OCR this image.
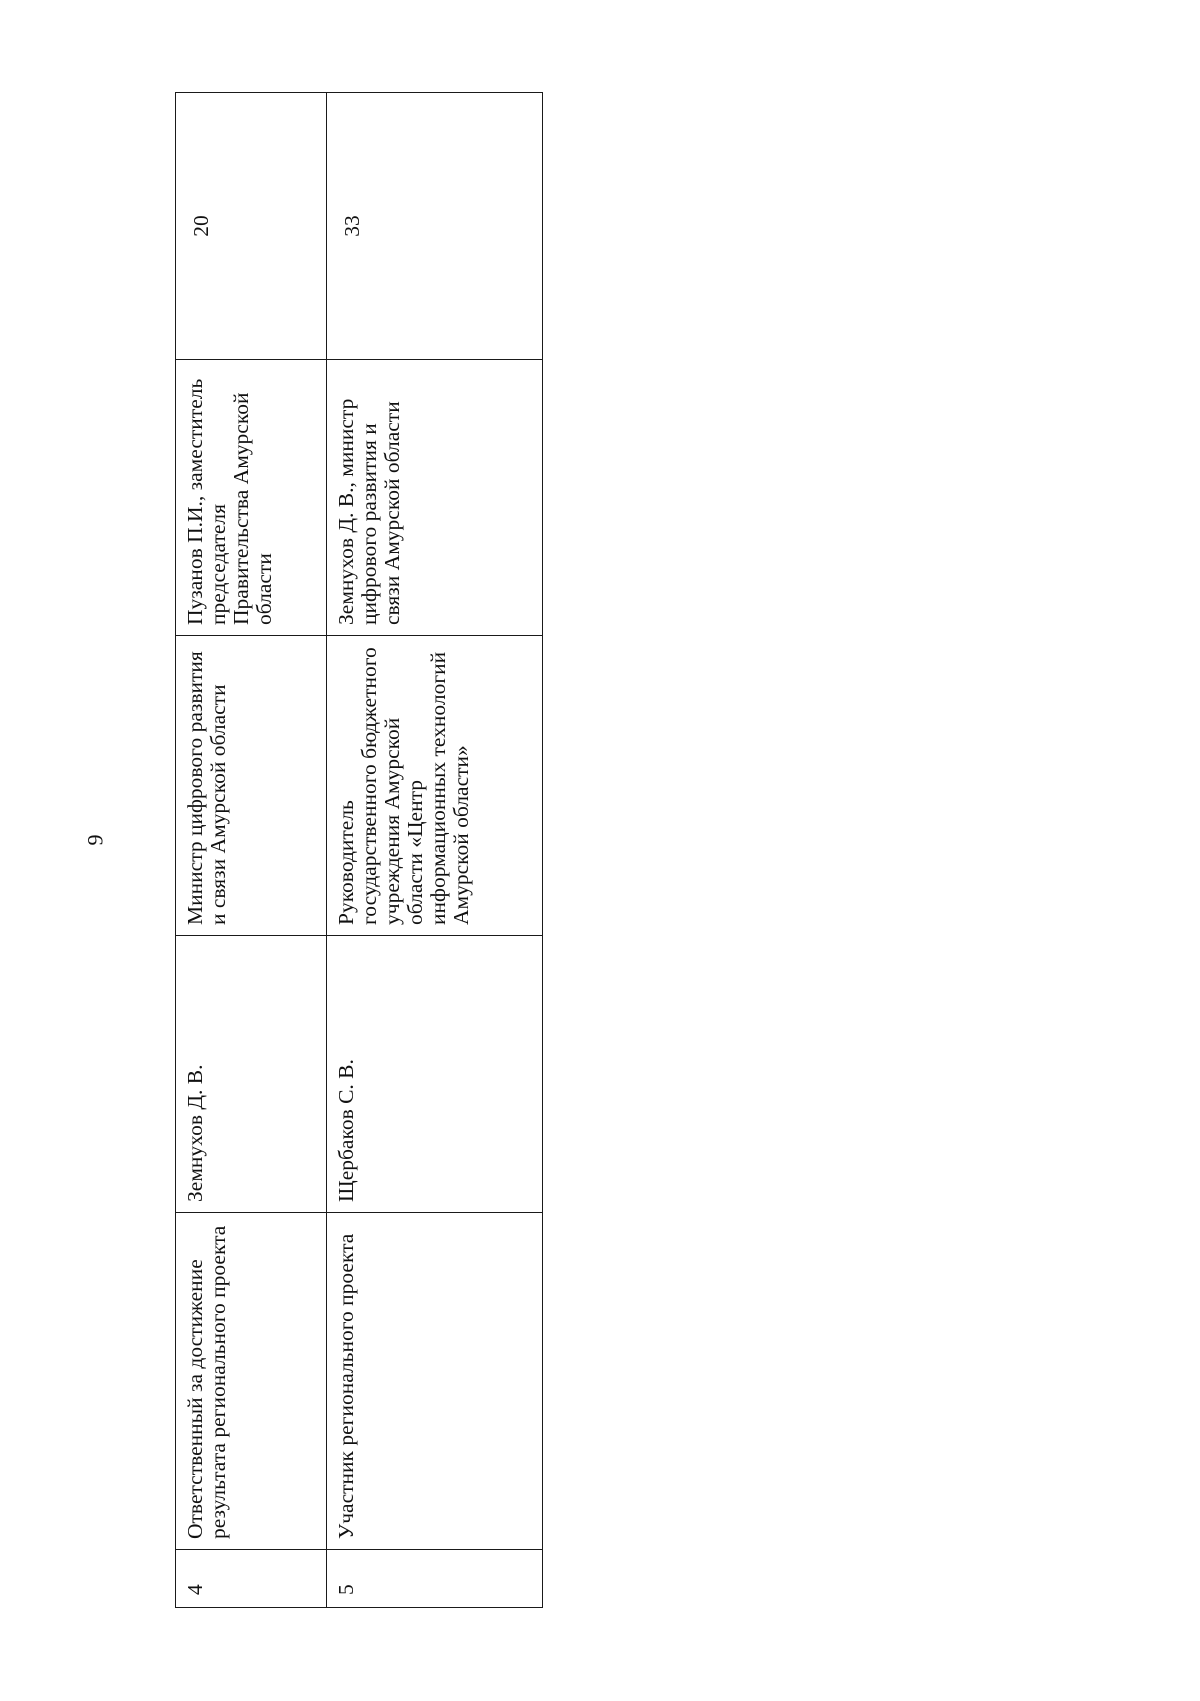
9
4	Ответственный за достижение результата регионального проекта	Земнухов Д. В.	Министр цифрового развития и связи Амурской области	Пузанов П.И., заместитель председателя Правительства Амурской области	20
5	Участник регионального проекта	Щербаков С. В.	Руководитель государственного бюджетного учреждения Амурской области «Центр информационных технологий Амурской области»	Земнухов Д. В., министр цифрового развития и связи Амурской области	33
